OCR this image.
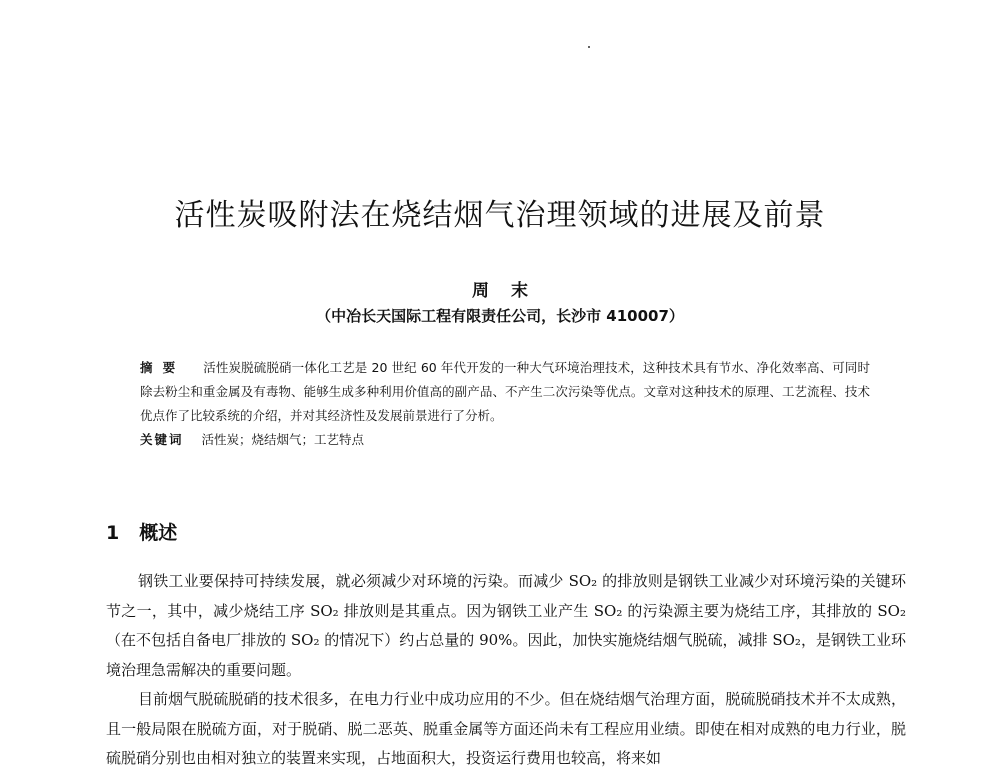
活性炭吸附法在烧结烟气治理领域的进展及前景
周末
（中冶长天国际工程有限责任公司，长沙市 410007）

摘要 活性炭脱硫脱硝一体化工艺是 20 世纪 60 年代开发的一种大气环境治理技术，这种技术具有节水、净化效率高、可同时除去粉尘和重金属及有毒物、能够生成多种利用价值高的副产品、不产生二次污染等优点。文章对这种技术的原理、工艺流程、技术优点作了比较系统的介绍，并对其经济性及发展前景进行了分析。

关键词 活性炭；烧结烟气；工艺特点

1 概述

钢铁工业要保持可持续发展，就必须减少对环境的污染。而减少 SO₂ 的排放则是钢铁工业减少对环境污染的关键环节之一，其中，减少烧结工序 SO₂ 排放则是其重点。因为钢铁工业产生 SO₂ 的污染源主要为烧结工序，其排放的 SO₂（在不包括自备电厂排放的 SO₂ 的情况下）约占总量的 90%。因此，加快实施烧结烟气脱硫，减排 SO₂，是钢铁工业环境治理急需解决的重要问题。

目前烟气脱硫脱硝的技术很多，在电力行业中成功应用的不少。但在烧结烟气治理方面，脱硫脱硝技术并不太成熟，且一般局限在脱硫方面，对于脱硝、脱二恶英、脱重金属等方面还尚未有工程应用业绩。即使在相对成熟的电力行业，脱硫脱硝分别也由相对独立的装置来实现，占地面积大，投资运行费用也较高，将来如
